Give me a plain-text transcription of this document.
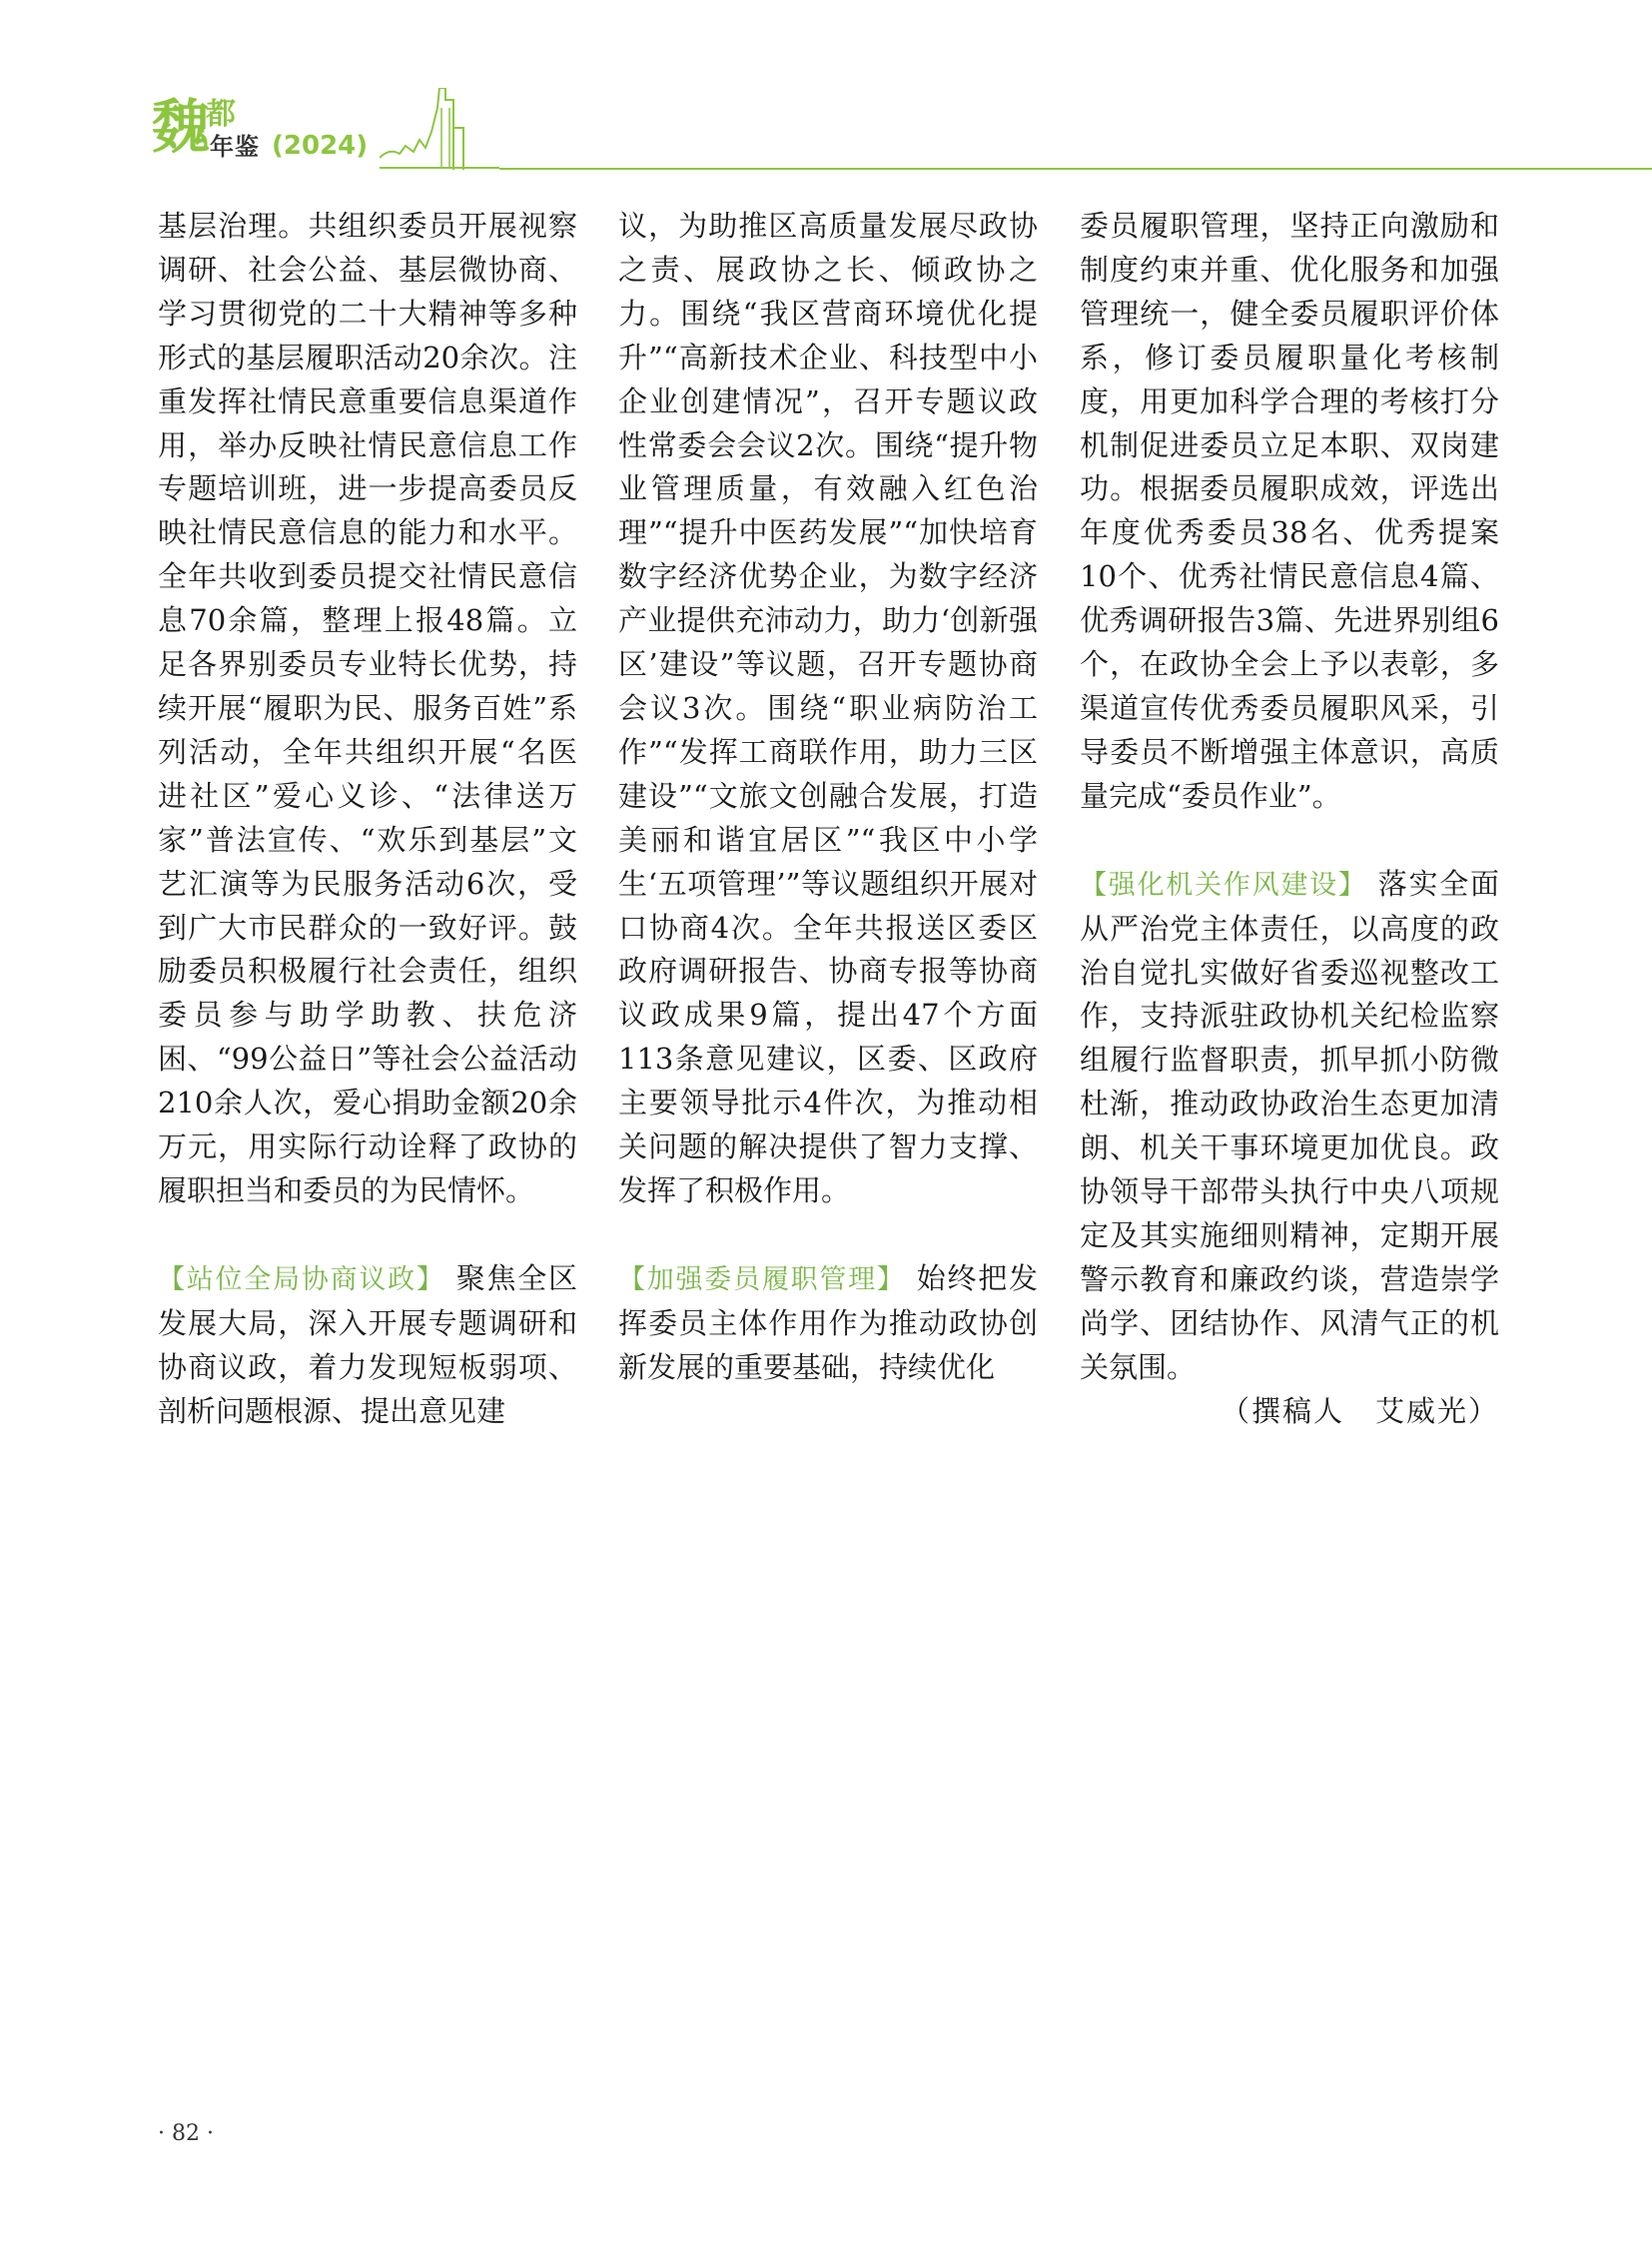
魏
都
年鉴 (2024)

基层治理。共组织委员开展视察调研、社会公益、基层微协商、学习贯彻党的二十大精神等多种形式的基层履职活动20余次。注重发挥社情民意重要信息渠道作用，举办反映社情民意信息工作专题培训班，进一步提高委员反映社情民意信息的能力和水平。全年共收到委员提交社情民意信息70余篇，整理上报48篇。立足各界别委员专业特长优势，持续开展“履职为民、服务百姓”系列活动，全年共组织开展“名医进社区”爱心义诊、“法律送万家”普法宣传、“欢乐到基层”文艺汇演等为民服务活动6次，受到广大市民群众的一致好评。鼓励委员积极履行社会责任，组织委员参与助学助教、扶危济困、“99公益日”等社会公益活动210余人次，爱心捐助金额20余万元，用实际行动诠释了政协的履职担当和委员的为民情怀。

【站位全局协商议政】 聚焦全区发展大局，深入开展专题调研和协商议政，着力发现短板弱项、剖析问题根源、提出意见建

议，为助推区高质量发展尽政协之责、展政协之长、倾政协之力。围绕“我区营商环境优化提升”“高新技术企业、科技型中小企业创建情况”，召开专题议政性常委会会议2次。围绕“提升物业管理质量，有效融入红色治理”“提升中医药发展”“加快培育数字经济优势企业，为数字经济产业提供充沛动力，助力‘创新强区’建设”等议题，召开专题协商会议3次。围绕“职业病防治工作”“发挥工商联作用，助力三区建设”“文旅文创融合发展，打造美丽和谐宜居区”“我区中小学生‘五项管理’”等议题组织开展对口协商4次。全年共报送区委区政府调研报告、协商专报等协商议政成果9篇，提出47个方面113条意见建议，区委、区政府主要领导批示4件次，为推动相关问题的解决提供了智力支撑、发挥了积极作用。

【加强委员履职管理】 始终把发挥委员主体作用作为推动政协创新发展的重要基础，持续优化

委员履职管理，坚持正向激励和制度约束并重、优化服务和加强管理统一，健全委员履职评价体系，修订委员履职量化考核制度，用更加科学合理的考核打分机制促进委员立足本职、双岗建功。根据委员履职成效，评选出年度优秀委员38名、优秀提案10个、优秀社情民意信息4篇、优秀调研报告3篇、先进界别组6个，在政协全会上予以表彰，多渠道宣传优秀委员履职风采，引导委员不断增强主体意识，高质量完成“委员作业”。

【强化机关作风建设】 落实全面从严治党主体责任，以高度的政治自觉扎实做好省委巡视整改工作，支持派驻政协机关纪检监察组履行监督职责，抓早抓小防微杜渐，推动政协政治生态更加清朗、机关干事环境更加优良。政协领导干部带头执行中央八项规定及其实施细则精神，定期开展警示教育和廉政约谈，营造崇学尚学、团结协作、风清气正的机关氛围。

（撰稿人　艾威光）

· 82 ·
